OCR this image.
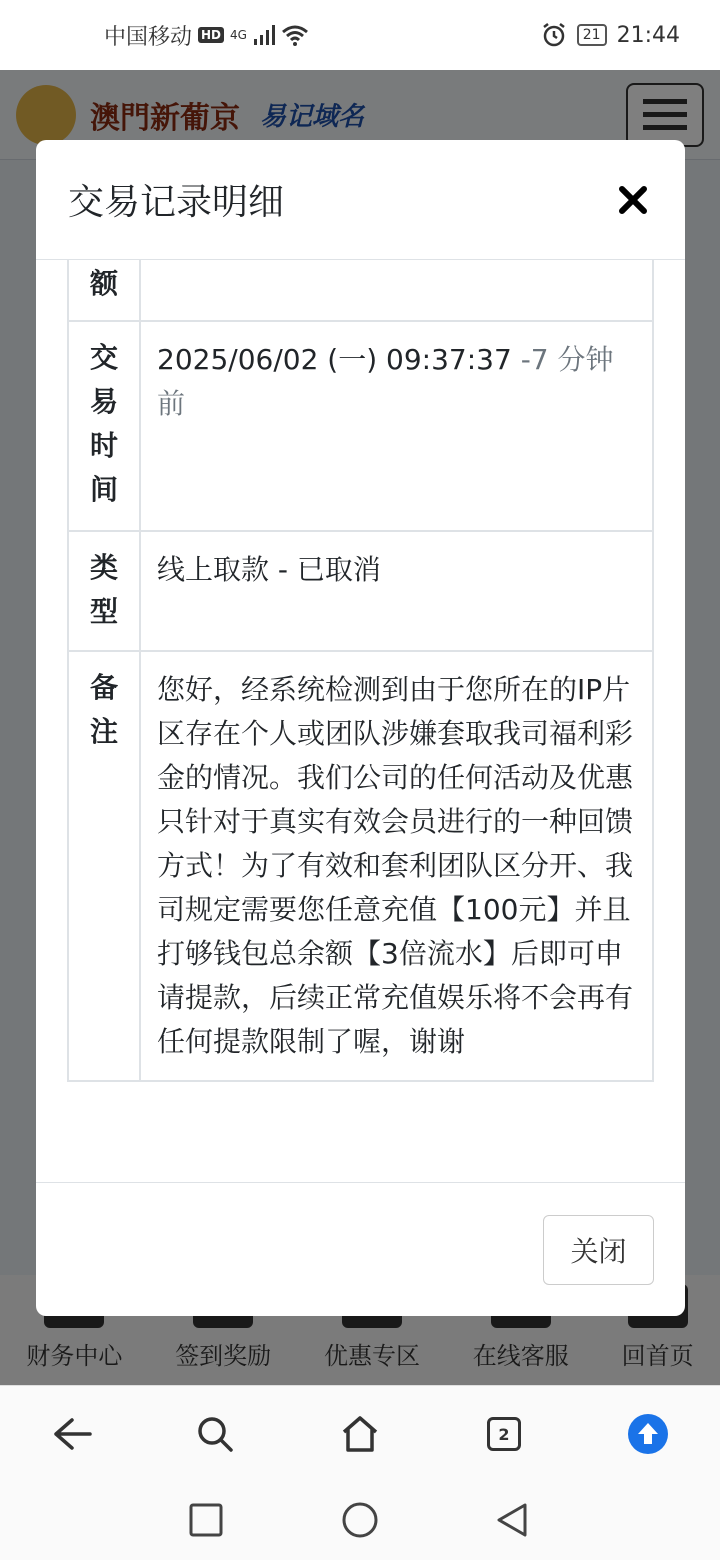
中国移动 HD 4G	21 21:44
交易记录明细
额	

交易时间	2025/06/02 (一) 09:37:37 -7 分钟前

类型	线上取款 - 已取消

备注	您好，经系统检测到由于您所在的IP片区存在个人或团队涉嫌套取我司福利彩金的情况。我们公司的任何活动及优惠只针对于真实有效会员进行的一种回馈方式！为了有效和套利团队区分开、我司规定需要您任意充值【100元】并且打够钱包总余额【3倍流水】后即可申请提款，后续正常充值娱乐将不会再有任何提款限制了喔，谢谢
关闭
2
